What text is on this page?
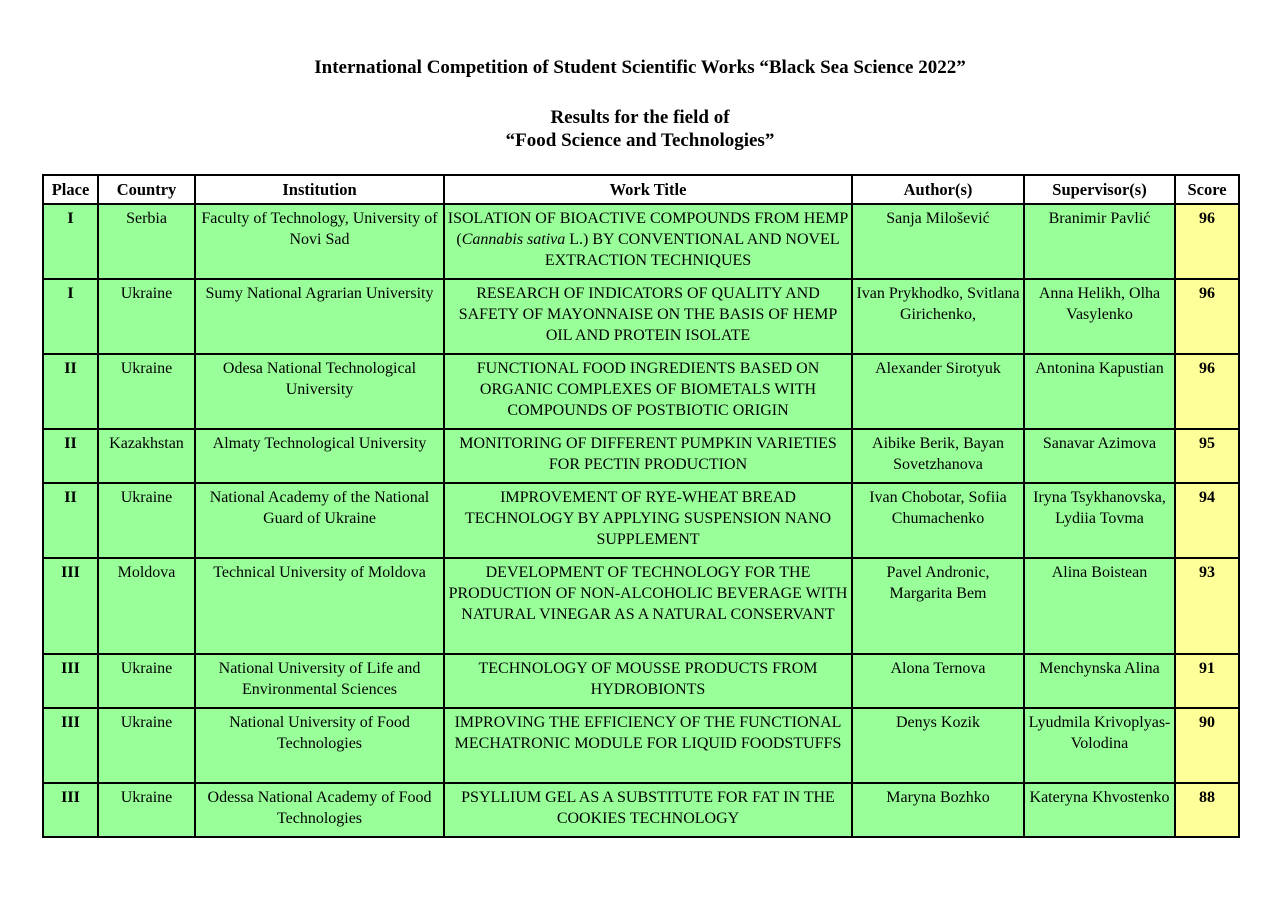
International Competition of Student Scientific Works “Black Sea Science 2022”
Results for the field of
“Food Science and Technologies”
Place	Country	Institution	Work Title	Author(s)	Supervisor(s)	Score
I	Serbia	Faculty of Technology, University of Novi Sad	ISOLATION OF BIOACTIVE COMPOUNDS FROM HEMP (Cannabis sativa L.) BY CONVENTIONAL AND NOVEL EXTRACTION TECHNIQUES	Sanja Milošević	Branimir Pavlić	96
I	Ukraine	Sumy National Agrarian University	RESEARCH OF INDICATORS OF QUALITY AND SAFETY OF MAYONNAISE ON THE BASIS OF HEMP OIL AND PROTEIN ISOLATE	Ivan Prykhodko, Svitlana Girichenko,	Anna Helikh, Olha Vasylenko	96
II	Ukraine	Odesa National Technological University	FUNCTIONAL FOOD INGREDIENTS BASED ON ORGANIC COMPLEXES OF BIOMETALS WITH COMPOUNDS OF POSTBIOTIC ORIGIN	Alexander Sirotyuk	Antonina Kapustian	96
II	Kazakhstan	Almaty Technological University	MONITORING OF DIFFERENT PUMPKIN VARIETIES FOR PECTIN PRODUCTION	Aibike Berik, Bayan Sovetzhanova	Sanavar Azimova	95
II	Ukraine	National Academy of the National Guard of Ukraine	IMPROVEMENT OF RYE-WHEAT BREAD TECHNOLOGY BY APPLYING SUSPENSION NANO SUPPLEMENT	Ivan Chobotar, Sofiia Chumachenko	Iryna Tsykhanovska, Lydiia Tovma	94
III	Moldova	Technical University of Moldova	DEVELOPMENT OF TECHNOLOGY FOR THE PRODUCTION OF NON-ALCOHOLIC BEVERAGE WITH NATURAL VINEGAR AS A NATURAL CONSERVANT	Pavel Andronic, Margarita Bem	Alina Boistean	93
III	Ukraine	National University of Life and Environmental Sciences	TECHNOLOGY OF MOUSSE PRODUCTS FROM HYDROBIONTS	Alona Ternova	Menchynska Alina	91
III	Ukraine	National University of Food Technologies	IMPROVING THE EFFICIENCY OF THE FUNCTIONAL MECHATRONIC MODULE FOR LIQUID FOODSTUFFS	Denys Kozik	Lyudmila Krivoplyas-Volodina	90
III	Ukraine	Odessa National Academy of Food Technologies	PSYLLIUM GEL AS A SUBSTITUTE FOR FAT IN THE COOKIES TECHNOLOGY	Maryna Bozhko	Kateryna Khvostenko	88
